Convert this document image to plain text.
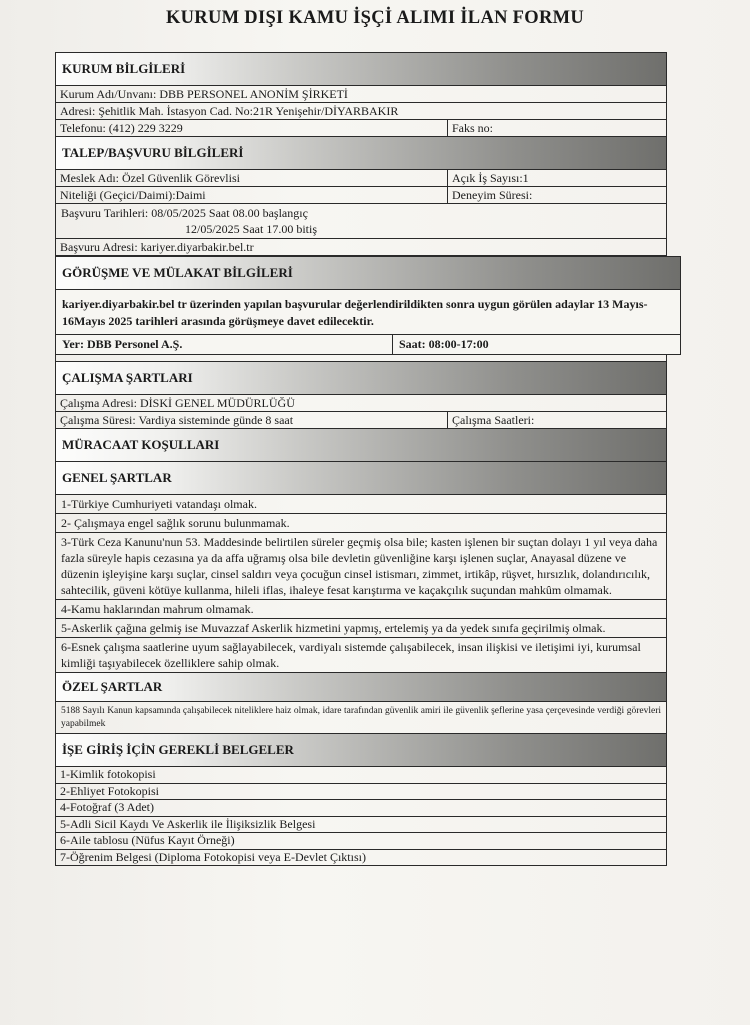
KURUM DIŞI KAMU İŞÇİ ALIMI İLAN FORMU
KURUM BİLGİLERİ
Kurum Adı/Unvanı: DBB PERSONEL ANONİM ŞİRKETİ
Adresi: Şehitlik Mah. İstasyon Cad. No:21R Yenişehir/DİYARBAKIR
Telefonu: (412) 229 3229	Faks no:
TALEP/BAŞVURU BİLGİLERİ
Meslek Adı: Özel Güvenlik Görevlisi	Açık İş Sayısı:1
Niteliği (Geçici/Daimi):Daimi	Deneyim Süresi:
Başvuru Tarihleri: 08/05/2025 Saat 08.00 başlangıç
12/05/2025 Saat 17.00 bitiş
Başvuru Adresi: kariyer.diyarbakir.bel.tr
GÖRÜŞME VE MÜLAKAT BİLGİLERİ
kariyer.diyarbakir.bel tr üzerinden yapılan başvurular değerlendirildikten sonra uygun görülen adaylar 13 Mayıs-16Mayıs 2025 tarihleri arasında görüşmeye davet edilecektir.
Yer: DBB Personel A.Ş.	Saat: 08:00-17:00
ÇALIŞMA ŞARTLARI
Çalışma Adresi: DİSKİ GENEL MÜDÜRLÜĞÜ
Çalışma Süresi: Vardiya sisteminde günde 8 saat	Çalışma Saatleri:
MÜRACAAT KOŞULLARI
GENEL ŞARTLAR
1-Türkiye Cumhuriyeti vatandaşı olmak.
2- Çalışmaya engel sağlık sorunu bulunmamak.
3-Türk Ceza Kanunu'nun 53. Maddesinde belirtilen süreler geçmiş olsa bile; kasten işlenen bir suçtan dolayı 1 yıl veya daha fazla süreyle hapis cezasına ya da affa uğramış olsa bile devletin güvenliğine karşı işlenen suçlar, Anayasal düzene ve düzenin işleyişine karşı suçlar, cinsel saldırı veya çocuğun cinsel istismarı, zimmet, irtikâp, rüşvet, hırsızlık, dolandırıcılık, sahtecilik, güveni kötüye kullanma, hileli iflas, ihaleye fesat karıştırma ve kaçakçılık suçundan mahkûm olmamak.
4-Kamu haklarından mahrum olmamak.
5-Askerlik çağına gelmiş ise Muvazzaf Askerlik hizmetini yapmış, ertelemiş ya da yedek sınıfa geçirilmiş olmak.
6-Esnek çalışma saatlerine uyum sağlayabilecek, vardiyalı sistemde çalışabilecek, insan ilişkisi ve iletişimi iyi, kurumsal kimliği taşıyabilecek özelliklere sahip olmak.
ÖZEL ŞARTLAR
5188 Sayılı Kanun kapsamında çalışabilecek niteliklere haiz olmak, idare tarafından güvenlik amiri ile güvenlik şeflerine yasa çerçevesinde verdiği görevleri yapabilmek
İŞE GİRİŞ İÇİN GEREKLİ BELGELER
1-Kimlik fotokopisi
2-Ehliyet Fotokopisi
4-Fotoğraf (3 Adet)
5-Adli Sicil Kaydı Ve Askerlik ile İlişiksizlik Belgesi
6-Aile tablosu (Nüfus Kayıt Örneği)
7-Öğrenim Belgesi (Diploma Fotokopisi veya E-Devlet Çıktısı)
